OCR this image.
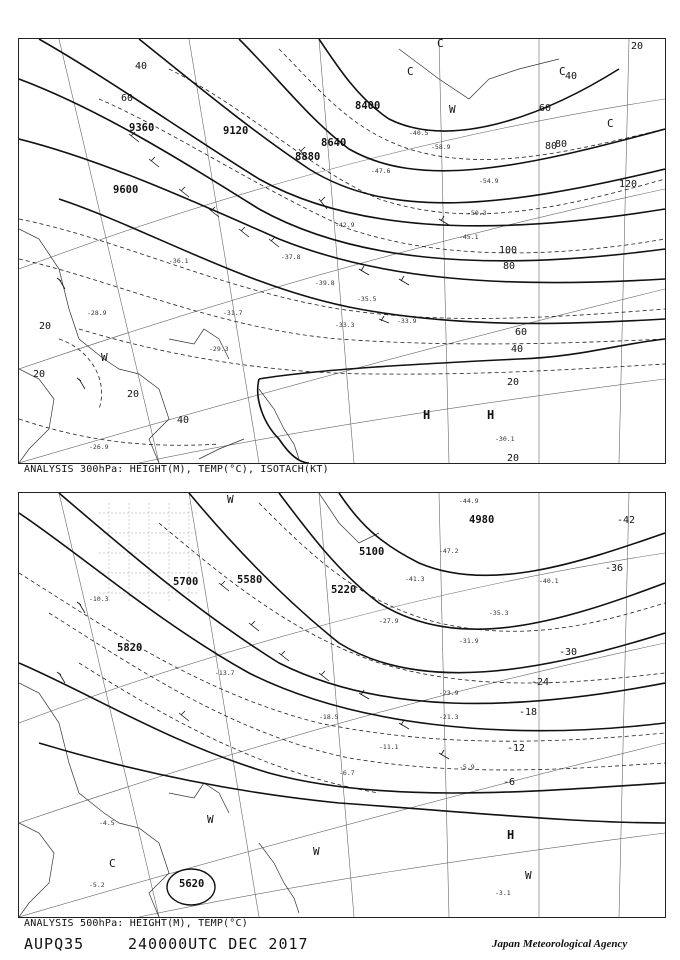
9360	9120
8880
8640
8400
9600	120
100
80
60
40
20
20
20
20
20
40
40
60
80
80
60
40
20
H	H
C
C
W
C
W
C
-30.1
-33.9
-35.5
-40.5
-45.1
-50.3
-54.9
-58.9
-39.8
-33.3
-29.3
-31.7
-37.8
-42.9
-47.6
-36.1
-26.9
-28.9
ANALYSIS 300hPa: HEIGHT(M), TEMP(°C), ISOTACH(KT)
5700	5580
5220
5100
4980
5820
5620
-42
-36
-30
-24
-18
-12
-6
H
W
W
W
C
W
-3.1
-5.9
-6.7
-21.3
-23.9
-27.9
-41.3
-47.2
-44.9
-40.1
-35.3
-31.9
-18.5
-11.1
-4.5
-5.2
-10.3
-13.7
ANALYSIS 500hPa: HEIGHT(M), TEMP(°C)
AUPQ35	240000UTC DEC 2017	Japan Meteorological Agency
